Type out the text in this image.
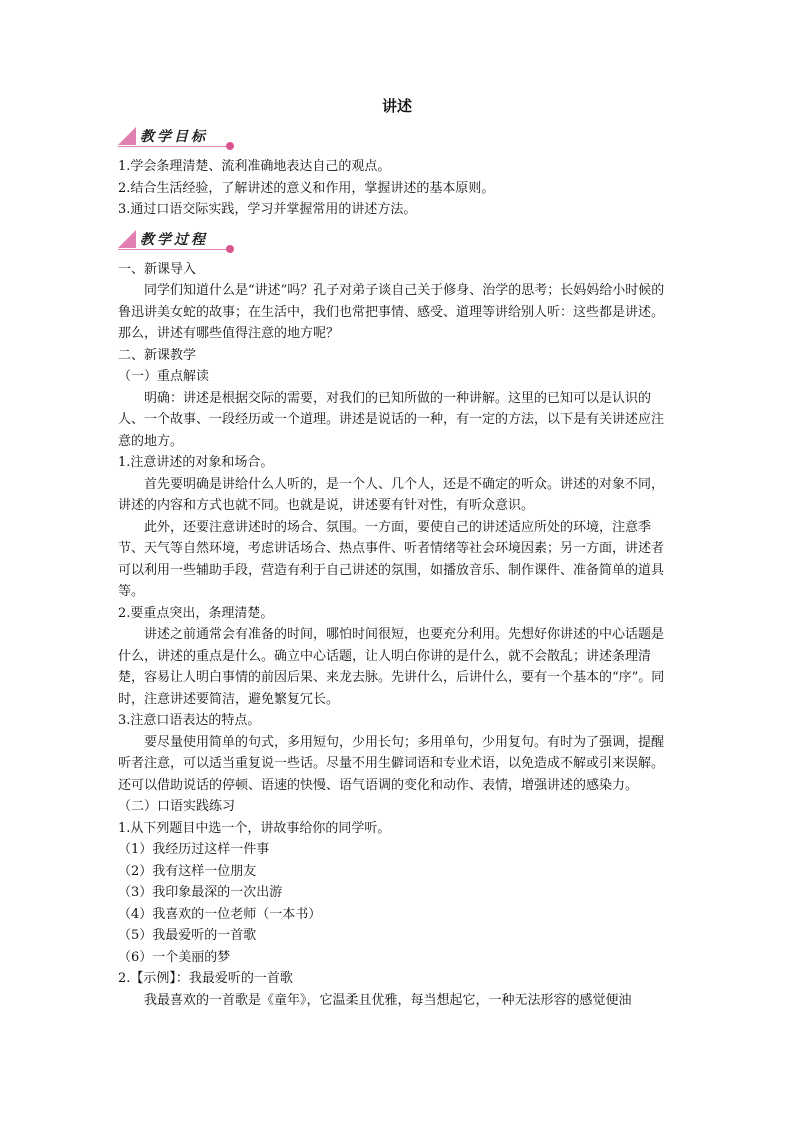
讲述
教学目标

1.学会条理清楚、流利准确地表达自己的观点。

2.结合生活经验，了解讲述的意义和作用，掌握讲述的基本原则。

3.通过口语交际实践，学习并掌握常用的讲述方法。

教学过程

一、新课导入

同学们知道什么是“讲述”吗？孔子对弟子谈自己关于修身、治学的思考；长妈妈给小时候的鲁迅讲美女蛇的故事；在生活中，我们也常把事情、感受、道理等讲给别人听：这些都是讲述。那么，讲述有哪些值得注意的地方呢？

二、新课教学

（一）重点解读

明确：讲述是根据交际的需要，对我们的已知所做的一种讲解。这里的已知可以是认识的人、一个故事、一段经历或一个道理。讲述是说话的一种，有一定的方法，以下是有关讲述应注意的地方。

1.注意讲述的对象和场合。

首先要明确是讲给什么人听的，是一个人、几个人，还是不确定的听众。讲述的对象不同，讲述的内容和方式也就不同。也就是说，讲述要有针对性，有听众意识。

此外，还要注意讲述时的场合、氛围。一方面，要使自己的讲述适应所处的环境，注意季节、天气等自然环境，考虑讲话场合、热点事件、听者情绪等社会环境因素；另一方面，讲述者可以利用一些辅助手段，营造有利于自己讲述的氛围，如播放音乐、制作课件、准备简单的道具等。

2.要重点突出，条理清楚。

讲述之前通常会有准备的时间，哪怕时间很短，也要充分利用。先想好你讲述的中心话题是什么，讲述的重点是什么。确立中心话题，让人明白你讲的是什么，就不会散乱；讲述条理清楚，容易让人明白事情的前因后果、来龙去脉。先讲什么，后讲什么，要有一个基本的“序”。同时，注意讲述要简洁，避免繁复冗长。

3.注意口语表达的特点。

要尽量使用简单的句式，多用短句，少用长句；多用单句，少用复句。有时为了强调，提醒听者注意，可以适当重复说一些话。尽量不用生僻词语和专业术语，以免造成不解或引来误解。还可以借助说话的停顿、语速的快慢、语气语调的变化和动作、表情，增强讲述的感染力。

（二）口语实践练习

1.从下列题目中选一个，讲故事给你的同学听。

（1）我经历过这样一件事

（2）我有这样一位朋友

（3）我印象最深的一次出游

（4）我喜欢的一位老师（一本书）

（5）我最爱听的一首歌

（6）一个美丽的梦

2.【示例】：我最爱听的一首歌

我最喜欢的一首歌是《童年》，它温柔且优雅，每当想起它，一种无法形容的感觉便油
